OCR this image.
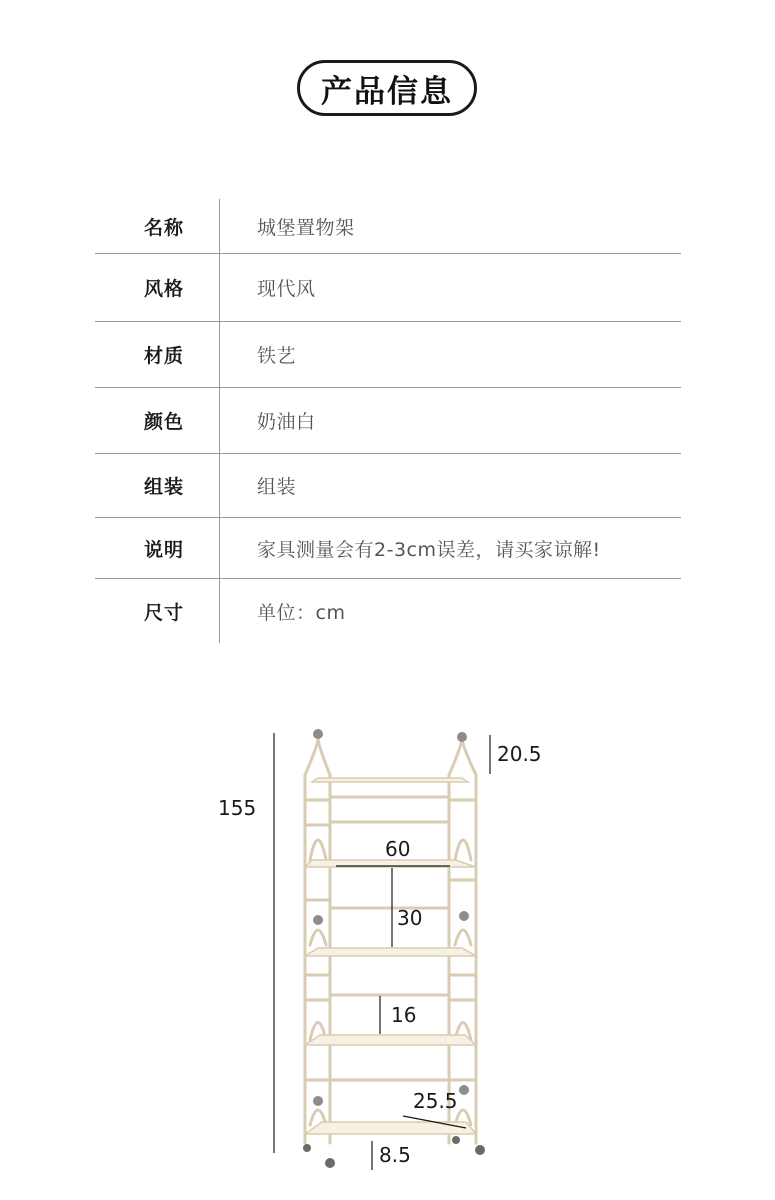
产品信息
名称	城堡置物架
风格	现代风
材质	铁艺
颜色	奶油白
组装	组装
说明	家具测量会有2-3cm误差，请买家谅解!
尺寸	单位：cm
155
20.5
60
30
16
25.5
8.5
